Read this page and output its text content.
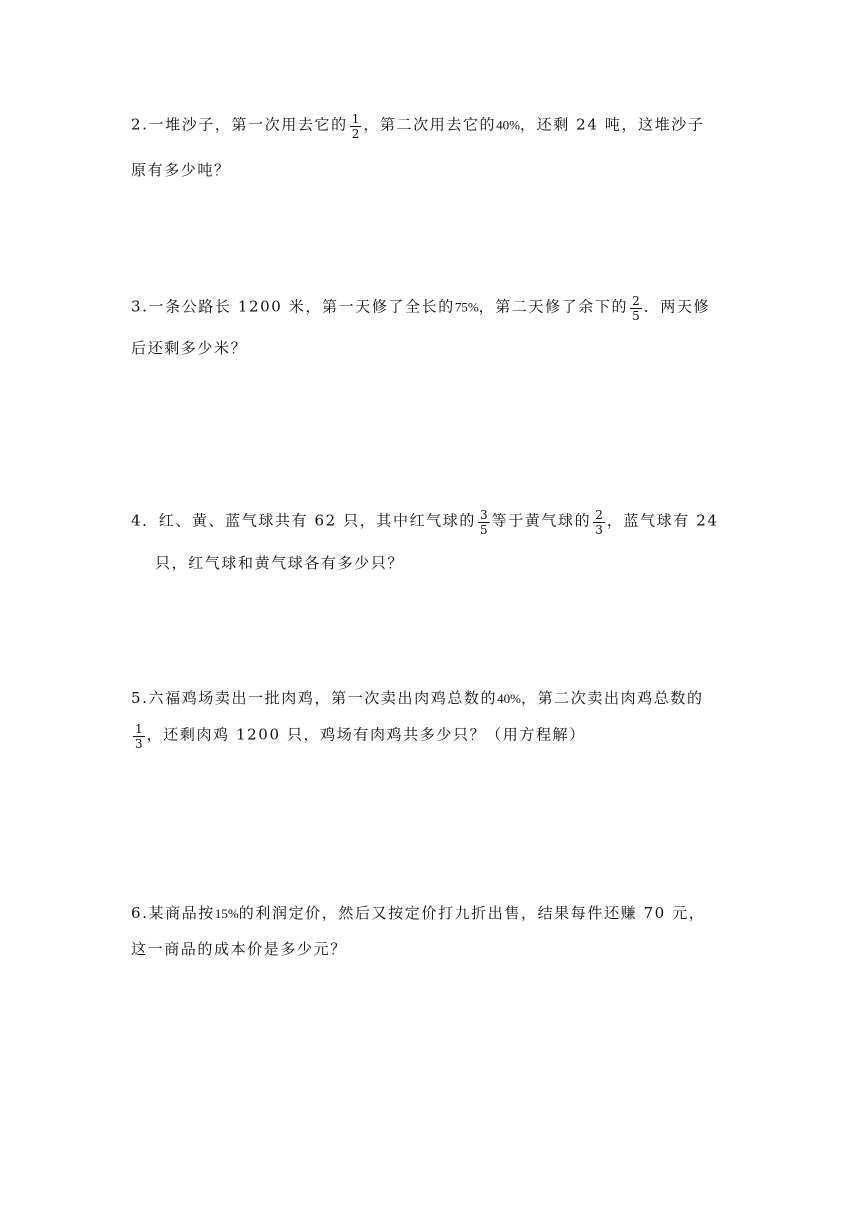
2.一堆沙子，第一次用去它的 $\frac{1}{2}$ ，第二次用去它的40%，还剩 24 吨，这堆沙子
原有多少吨？
3.一条公路长 1200 米，第一天修了全长的75%，第二天修了余下的 $\frac{2}{5}$ ．两天修
后还剩多少米？
4．红、黄、蓝气球共有 62 只，其中红气球的 $\frac{3}{5}$ 等于黄气球的 $\frac{2}{3}$ ，蓝气球有 24
只，红气球和黄气球各有多少只？
5.六福鸡场卖出一批肉鸡，第一次卖出肉鸡总数的40%，第二次卖出肉鸡总数的
$\frac{1}{3}$ ，还剩肉鸡 1200 只，鸡场有肉鸡共多少只？（用方程解）
6.某商品按15%的利润定价，然后又按定价打九折出售，结果每件还赚 70 元，
这一商品的成本价是多少元？
